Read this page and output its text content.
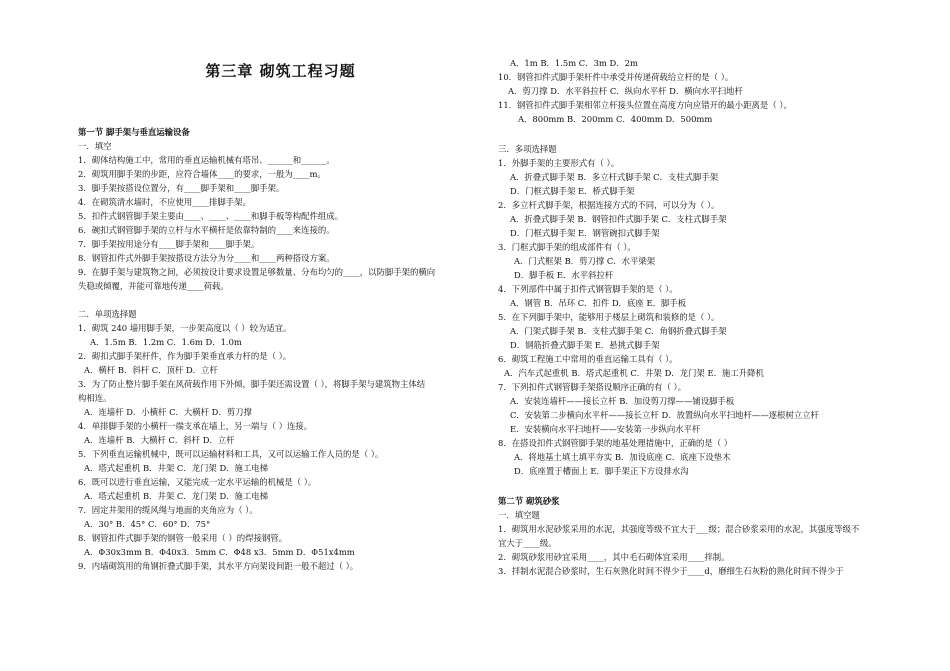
第三章 砌筑工程习题
第一节 脚手架与垂直运输设备
一．填空
1．砌体结构施工中，常用的垂直运输机械有塔吊、______和______。
2．砌筑用脚手架的步距，应符合墙体____的要求，一般为____m。
3．脚手架按搭设位置分，有____脚手架和____脚手架。
4．在砌筑清水墙时，不应使用____排脚手架。
5．扣件式钢管脚手架主要由____、____、____和脚手板等构配件组成。
6．碗扣式钢管脚手架的立杆与水平横杆是依靠特制的____来连接的。
7．脚手架按用途分有____脚手架和____脚手架。
8．钢管扣件式外脚手架按搭设方法分为分____和____两种搭设方案。
9．在脚手架与建筑物之间，必须按设计要求设置足够数量、分布均匀的____，以防脚手架的横向
失稳或倾覆，并能可靠地传递____荷载。
二．单项选择题
1．砌筑 240 墙用脚手架，一步架高度以（ ）较为适宜。
A．1.5m B．1.2m C．1.6m D．1.0m
2．砌扣式脚手架杆件，作为脚手架垂直承力杆的是（ ）。
A．横杆 B．斜杆 C．顶杆 D．立杆
3．为了防止整片脚手架在风荷载作用下外倾，脚手架还需设置（ ），将脚手架与建筑物主体结
构相连。
A．连墙杆 D．小横杆 C．大横杆 D．剪刀撑
4．单排脚手架的小横杆一端支承在墙上，另一端与（ ）连接。
A．连墙杆 B．大横杆 C．斜杆 D．立杆
5．下列垂直运输机械中，既可以运输材料和工具，又可以运输工作人员的是（ ）。
A．塔式起重机 B．井架 C．龙门架 D．施工电梯
6．既可以进行垂直运输，又能完成一定水平运输的机械是（ ）。
A．塔式起重机 B．井架 C．龙门架 D．施工电梯
7．固定井架用的缆风绳与地面的夹角应为（ ）。
A．30° B．45° C．60° D．75°
8．钢管扣件式脚手架的钢管一般采用（ ）的焊接钢管。
A．Φ30x3mm B．Φ40x3．5mm C．Φ48 x3．5mm D．Φ51x4mm
9．内墙砌筑用的角钢折叠式脚手架，其水平方向架设间距一般不超过（ ）。
A．1m B．1.5m C．3m D．2m
10．钢管扣件式脚手架杆件中承受并传递荷载给立杆的是（ ）。
A．剪刀撑 D．水平斜拉杆 C．纵向水平杆 D．横向水平扫地杆
11．钢管扣件式脚手架相邻立杆接头位置在高度方向应错开的最小距离是（ ）。
A．800mm B．200mm C．400mm D．500mm
三．多项选择题
1．外脚手架的主要形式有（ ）。
A．折叠式脚手架 B．多立杆式脚手架 C．支柱式脚手架
D．门框式脚手架 E．桥式脚手架
2．多立杆式脚手架，根据连接方式的不同，可以分为（ ）。
A．折叠式脚手架 B．钢管扣件式脚手架 C．支柱式脚手架
D．门框式脚手架 E．钢管碗扣式脚手架
3．门框式脚手架的组成部件有（ ）。
A．门式框架 B．剪刀撑 C．水平梁架
D．脚手板 E．水平斜拉杆
4．下列部件中属于扣件式钢管脚手架的是（ ）。
A．钢管 B．吊环 C．扣件 D．底座 E．脚手板
5．在下列脚手架中，能够用于楼层上砌筑和装修的是（ ）。
A．门架式脚手架 B．支柱式脚手架 C．角钢折叠式脚手架
D．钢筋折叠式脚手架 E．悬挑式脚手架
6．砌筑工程施工中常用的垂直运输工具有（ ）。
A．汽车式起重机 B．塔式起重机 C．井架 D．龙门架 E．施工升降机
7．下列扣件式钢管脚手架搭设顺序正确的有（ ）。
A．安装连墙杆——接长立杆 B．加设剪刀撑——铺设脚手板
C．安装第二步横向水平杆——接长立杆 D．放置纵向水平扫地杆——逐根树立立杆
E．安装横向水平扫地杆——安装第一步纵向水平杆
8．在搭设扣件式钢管脚手架的地基处理措施中，正确的是（ ）
A．将地基土填土填平夯实 B．加设底座 C．底座下设垫木
D．底座置于槽面上 E．脚手架正下方设排水沟
第二节 砌筑砂浆
一．填空题
1．砌筑用水泥砂浆采用的水泥，其强度等级不宜大于___级；混合砂浆采用的水泥，其强度等级不
宜大于____级。
2．砌筑砂浆用砂宜采用____，其中毛石砌体宜采用____拌制。
3．拌制水泥混合砂浆时，生石灰熟化时间不得少于____d，磨细生石灰粉的熟化时间不得少于
